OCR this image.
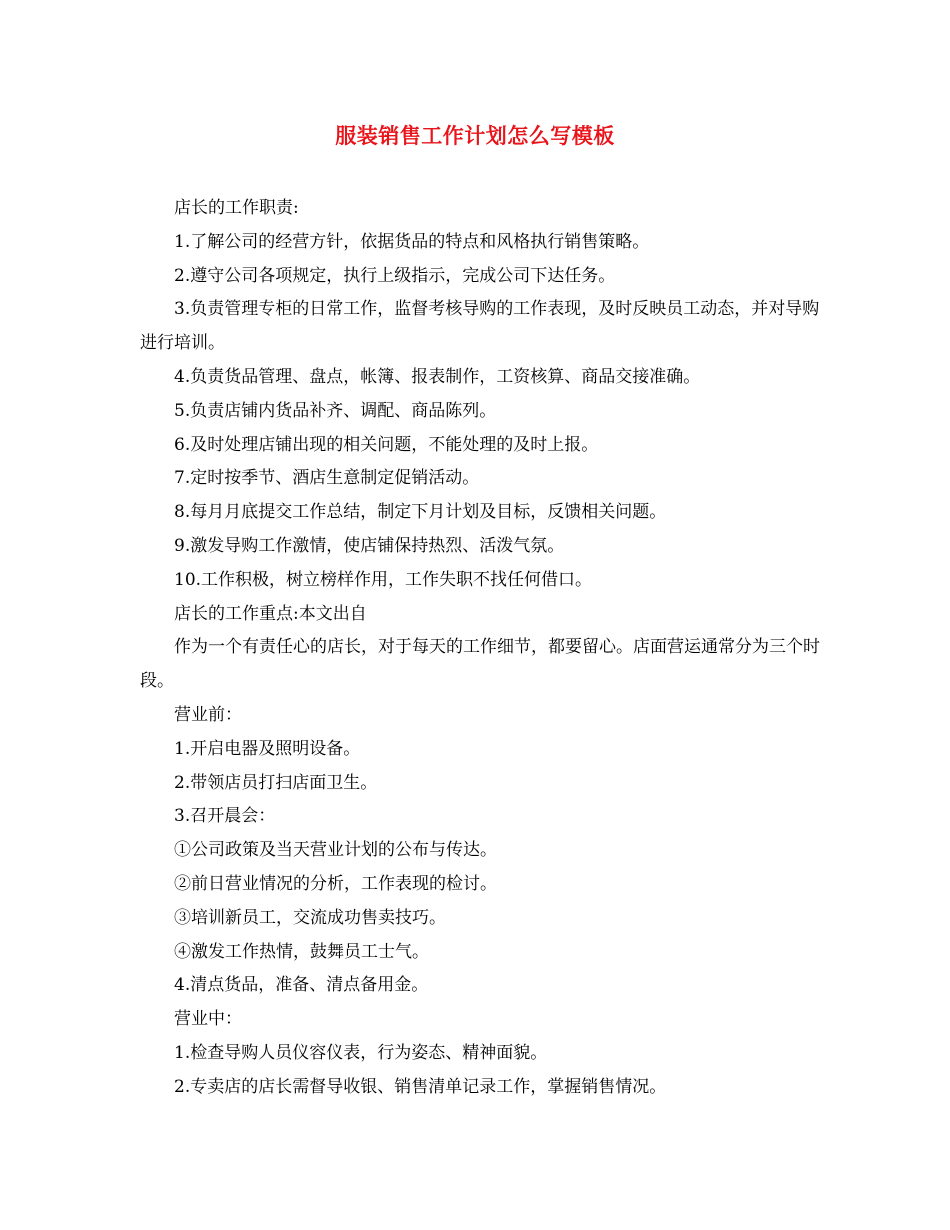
服装销售工作计划怎么写模板

店长的工作职责:

1.了解公司的经营方针，依据货品的特点和风格执行销售策略。

2.遵守公司各项规定，执行上级指示，完成公司下达任务。

3.负责管理专柜的日常工作，监督考核导购的工作表现，及时反映员工动态，并对导购进行培训。

4.负责货品管理、盘点，帐簿、报表制作，工资核算、商品交接准确。

5.负责店铺内货品补齐、调配、商品陈列。

6.及时处理店铺出现的相关问题，不能处理的及时上报。

7.定时按季节、酒店生意制定促销活动。

8.每月月底提交工作总结，制定下月计划及目标，反馈相关问题。

9.激发导购工作激情，使店铺保持热烈、活泼气氛。

10.工作积极，树立榜样作用，工作失职不找任何借口。

店长的工作重点:本文出自

作为一个有责任心的店长，对于每天的工作细节，都要留心。店面营运通常分为三个时段。

营业前：

1.开启电器及照明设备。

2.带领店员打扫店面卫生。

3.召开晨会：

①公司政策及当天营业计划的公布与传达。

②前日营业情况的分析，工作表现的检讨。

③培训新员工，交流成功售卖技巧。

④激发工作热情，鼓舞员工士气。

4.清点货品，准备、清点备用金。

营业中：

1.检查导购人员仪容仪表，行为姿态、精神面貌。

2.专卖店的店长需督导收银、销售清单记录工作，掌握销售情况。
